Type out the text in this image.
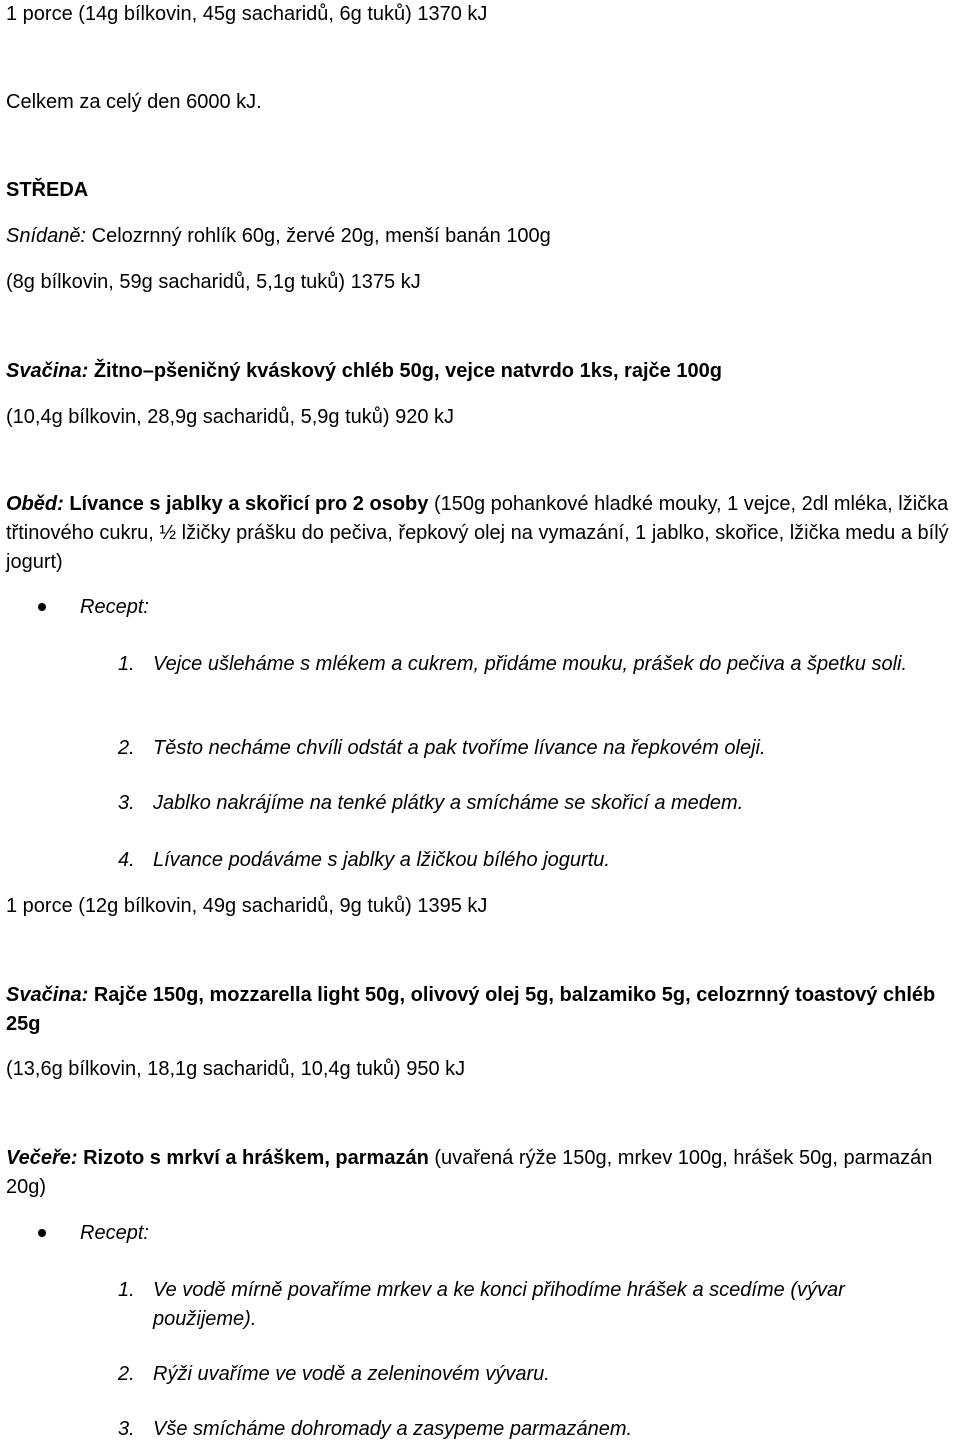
1 porce (14g bílkovin, 45g sacharidů, 6g tuků) 1370 kJ

Celkem za celý den 6000 kJ.

STŘEDA

Snídaně: Celozrnný rohlík 60g, žervé 20g, menší banán 100g

(8g bílkovin, 59g sacharidů, 5,1g tuků) 1375 kJ

Svačina: Žitno–pšeničný kváskový chléb 50g, vejce natvrdo 1ks, rajče 100g

(10,4g bílkovin, 28,9g sacharidů, 5,9g tuků) 920 kJ

Oběd: Lívance s jablky a skořicí pro 2 osoby (150g pohankové hladké mouky, 1 vejce, 2dl mléka, lžička třtinového cukru, ½ lžičky prášku do pečiva, řepkový olej na vymazání, 1 jablko, skořice, lžička medu a bílý jogurt)

Recept:
1. Vejce ušleháme s mlékem a cukrem, přidáme mouku, prášek do pečiva a špetku soli.
2. Těsto necháme chvíli odstát a pak tvoříme lívance na řepkovém oleji.
3. Jablko nakrájíme na tenké plátky a smícháme se skořicí a medem.
4. Lívance podáváme s jablky a lžičkou bílého jogurtu.

1 porce (12g bílkovin, 49g sacharidů, 9g tuků) 1395 kJ

Svačina: Rajče 150g, mozzarella light 50g, olivový olej 5g, balzamiko 5g, celozrnný toastový chléb 25g

(13,6g bílkovin, 18,1g sacharidů, 10,4g tuků) 950 kJ

Večeře: Rizoto s mrkví a hráškem, parmazán (uvařená rýže 150g, mrkev 100g, hrášek 50g, parmazán 20g)

Recept:
1. Ve vodě mírně povaříme mrkev a ke konci přihodíme hrášek a scedíme (vývar použijeme).
2. Rýži uvaříme ve vodě a zeleninovém vývaru.
3. Vše smícháme dohromady a zasypeme parmazánem.
